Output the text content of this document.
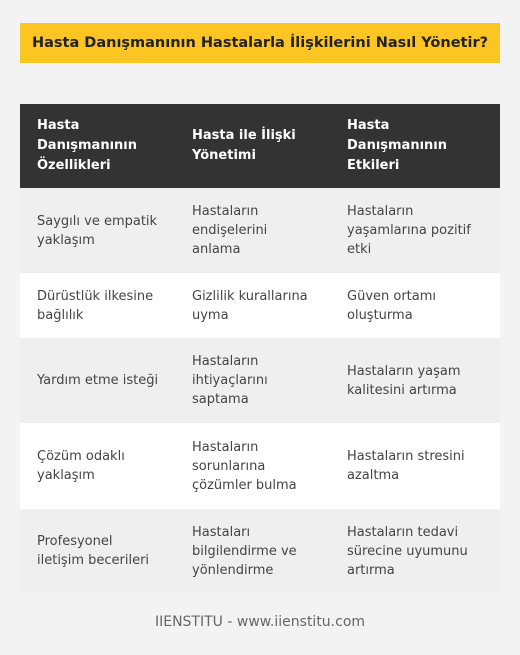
Hasta Danışmanının Hastalarla İlişkilerini Nasıl Yönetir?
Hasta Danışmanının Özellikleri	Hasta ile İlişki Yönetimi	Hasta Danışmanının Etkileri
Saygılı ve empatik yaklaşım	Hastaların endişelerini anlama	Hastaların yaşamlarına pozitif etki
Dürüstlük ilkesine bağlılık	Gizlilik kurallarına uyma	Güven ortamı oluşturma
Yardım etme isteği	Hastaların ihtiyaçlarını saptama	Hastaların yaşam kalitesini artırma
Çözüm odaklı yaklaşım	Hastaların sorunlarına çözümler bulma	Hastaların stresini azaltma
Profesyonel iletişim becerileri	Hastaları bilgilendirme ve yönlendirme	Hastaların tedavi sürecine uyumunu artırma
IIENSTITU - www.iienstitu.com
